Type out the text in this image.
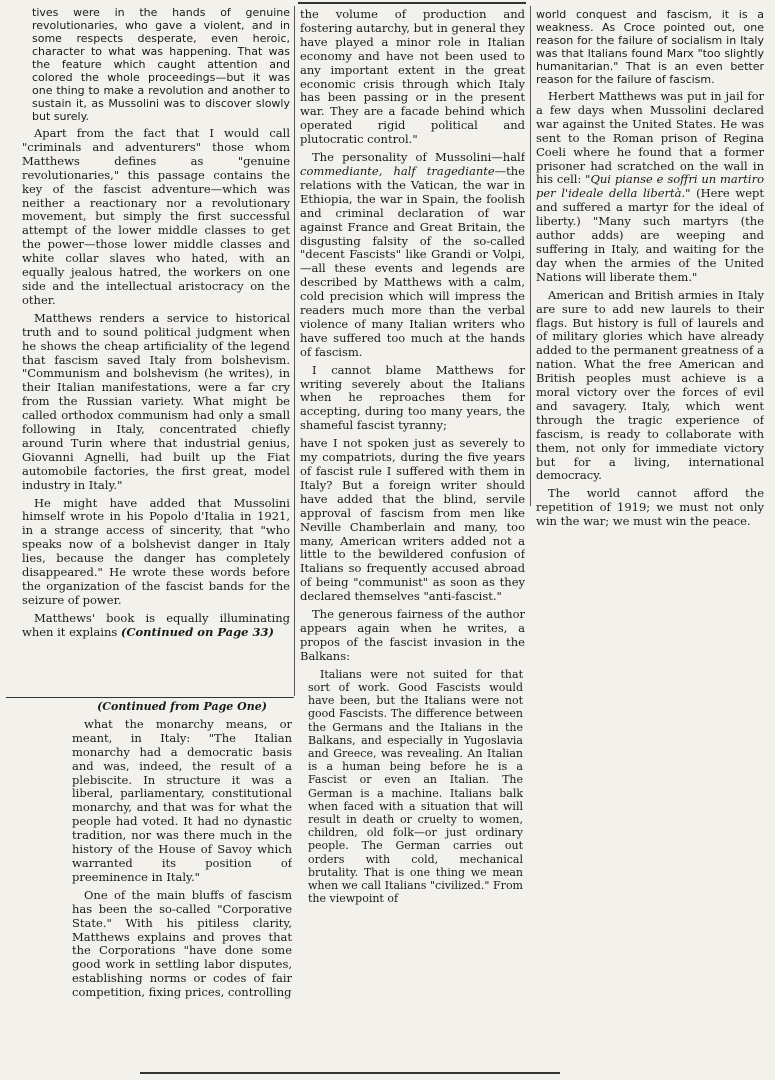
tives were in the hands of genuine revolutionaries, who gave a violent, and in some respects desperate, even heroic, character to what was happening. That was the feature which caught attention and colored the whole proceedings—but it was one thing to make a revolution and another to sustain it, as Mussolini was to discover slowly but surely.

Apart from the fact that I would call "criminals and adventurers" those whom Matthews defines as "genuine revolutionaries," this passage contains the key of the fascist adventure—which was neither a reactionary nor a revolutionary movement, but simply the first successful attempt of the lower middle classes to get the power—those lower middle classes and white collar slaves who hated, with an equally jealous hatred, the workers on one side and the intellectual aristocracy on the other.

Matthews renders a service to historical truth and to sound political judgment when he shows the cheap artificiality of the legend that fascism saved Italy from bolshevism. "Communism and bolshevism (he writes), in their Italian manifestations, were a far cry from the Russian variety. What might be called orthodox communism had only a small following in Italy, concentrated chiefly around Turin where that industrial genius, Giovanni Agnelli, had built up the Fiat automobile factories, the first great, model industry in Italy."

He might have added that Mussolini himself wrote in his Popolo d'Italia in 1921, in a strange access of sincerity, that "who speaks now of a bolshevist danger in Italy lies, because the danger has completely disappeared." He wrote these words before the organization of the fascist bands for the seizure of power.

Matthews' book is equally illuminating when it explains (Continued on Page 33)

(Continued from Page One)

what the monarchy means, or meant, in Italy: "The Italian monarchy had a democratic basis and was, indeed, the result of a plebiscite. In structure it was a liberal, parliamentary, constitutional monarchy, and that was for what the people had voted. It had no dynastic tradition, nor was there much in the history of the House of Savoy which warranted its position of preeminence in Italy."

One of the main bluffs of fascism has been the so-called "Corporative State." With his pitiless clarity, Matthews explains and proves that the Corporations "have done some good work in settling labor disputes, establishing norms or codes of fair competition, fixing prices, controlling

the volume of production and fostering autarchy, but in general they have played a minor role in Italian economy and have not been used to any important extent in the great economic crisis through which Italy has been passing or in the present war. They are a facade behind which operated rigid political and plutocratic control."

The personality of Mussolini—half commediante, half tragediante—the relations with the Vatican, the war in Ethiopia, the war in Spain, the foolish and criminal declaration of war against France and Great Britain, the disgusting falsity of the so-called "decent Fascists" like Grandi or Volpi, —all these events and legends are described by Matthews with a calm, cold precision which will impress the readers much more than the verbal violence of many Italian writers who have suffered too much at the hands of fascism.

I cannot blame Matthews for writing severely about the Italians when he reproaches them for accepting, during too many years, the shameful fascist tyranny;

have I not spoken just as severely to my compatriots, during the five years of fascist rule I suffered with them in Italy? But a foreign writer should have added that the blind, servile approval of fascism from men like Neville Chamberlain and many, too many, American writers added not a little to the bewildered confusion of Italians so frequently accused abroad of being "communist" as soon as they declared themselves "anti-fascist."

The generous fairness of the author appears again when he writes, a propos of the fascist invasion in the Balkans:

Italians were not suited for that sort of work. Good Fascists would have been, but the Italians were not good Fascists. The difference between the Germans and the Italians in the Balkans, and especially in Yugoslavia and Greece, was revealing. An Italian is a human being before he is a Fascist or even an Italian. The German is a machine. Italians balk when faced with a situation that will result in death or cruelty to women, children, old folk—or just ordinary people. The German carries out orders with cold, mechanical brutality. That is one thing we mean when we call Italians "civilized." From the viewpoint of

world conquest and fascism, it is a weakness. As Croce pointed out, one reason for the failure of socialism in Italy was that Italians found Marx "too slightly humanitarian." That is an even better reason for the failure of fascism.

Herbert Matthews was put in jail for a few days when Mussolini declared war against the United States. He was sent to the Roman prison of Regina Coeli where he found that a former prisoner had scratched on the wall in his cell: "Qui pianse e soffri un martiro per l'ideale della libertà." (Here wept and suffered a martyr for the ideal of liberty.) "Many such martyrs (the author adds) are weeping and suffering in Italy, and waiting for the day when the armies of the United Nations will liberate them."

American and British armies in Italy are sure to add new laurels to their flags. But history is full of laurels and of military glories which have already added to the permanent greatness of a nation. What the free American and British peoples must achieve is a moral victory over the forces of evil and savagery. Italy, which went through the tragic experience of fascism, is ready to collaborate with them, not only for immediate victory but for a living, international democracy.

The world cannot afford the repetition of 1919; we must not only win the war; we must win the peace.
